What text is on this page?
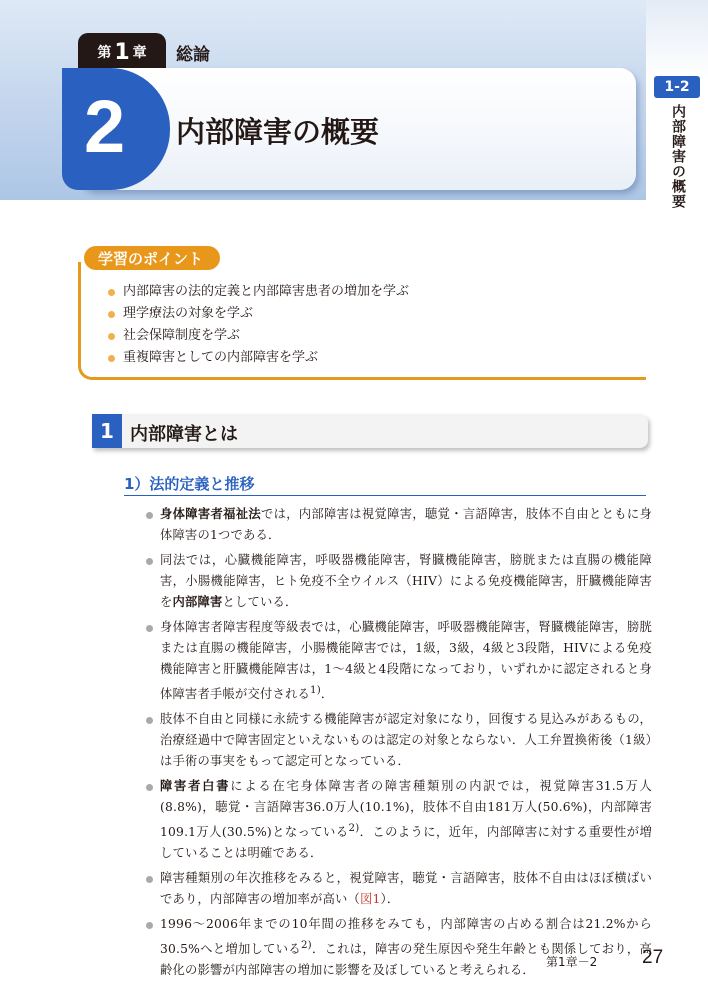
第 1 章 総論
2 内部障害の概要
1-2
内部障害の概要
学習のポイント
内部障害の法的定義と内部障害患者の増加を学ぶ
理学療法の対象を学ぶ
社会保障制度を学ぶ
重複障害としての内部障害を学ぶ
1 内部障害とは
1）法的定義と推移
身体障害者福祉法では，内部障害は視覚障害，聴覚・言語障害，肢体不自由とともに身体障害の1つである．
同法では，心臓機能障害，呼吸器機能障害，腎臓機能障害，膀胱または直腸の機能障害，小腸機能障害，ヒト免疫不全ウイルス（HIV）による免疫機能障害，肝臓機能障害を内部障害としている．
身体障害者障害程度等級表では，心臓機能障害，呼吸器機能障害，腎臓機能障害，膀胱または直腸の機能障害，小腸機能障害では，1級，3級，4級と3段階，HIVによる免疫機能障害と肝臓機能障害は，1～4級と4段階になっており，いずれかに認定されると身体障害者手帳が交付される$^{1)}$．
肢体不自由と同様に永続する機能障害が認定対象になり，回復する見込みがあるもの，治療経過中で障害固定といえないものは認定の対象とならない．人工弁置換術後（1級）は手術の事実をもって認定可となっている．
障害者白書による在宅身体障害者の障害種類別の内訳では，視覚障害31.5万人(8.8%)，聴覚・言語障害36.0万人(10.1%)，肢体不自由181万人(50.6%)，内部障害109.1万人(30.5%)となっている$^{2)}$．このように，近年，内部障害に対する重要性が増していることは明確である．
障害種類別の年次推移をみると，視覚障害，聴覚・言語障害，肢体不自由はほぼ横ばいであり，内部障害の増加率が高い（図1）．
1996～2006年までの10年間の推移をみても，内部障害の占める割合は21.2%から30.5%へと増加している$^{2)}$．これは，障害の発生原因や発生年齢とも関係しており，高齢化の影響が内部障害の増加に影響を及ぼしていると考えられる．
第1章－2 27
